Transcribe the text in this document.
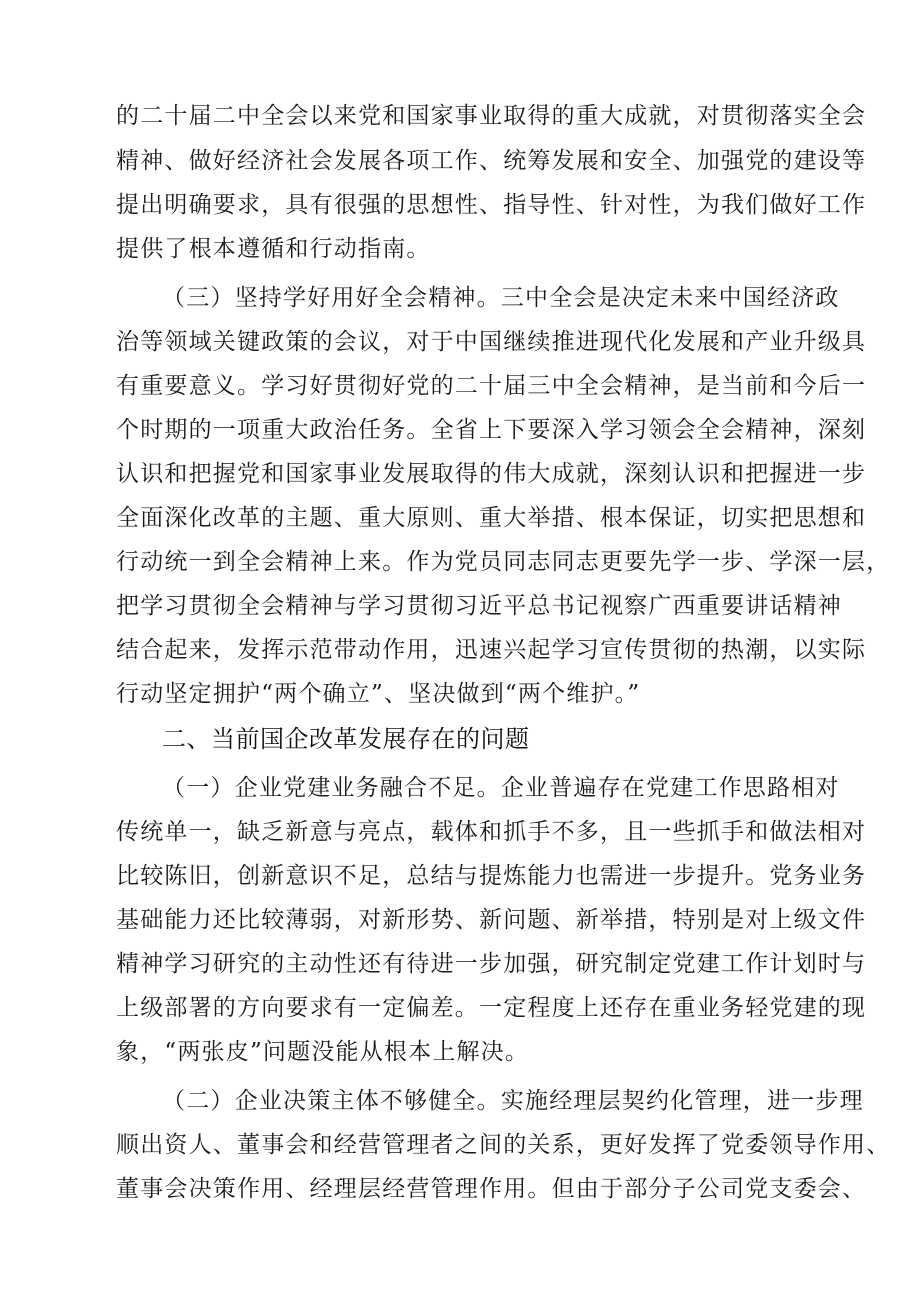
的二十届二中全会以来党和国家事业取得的重大成就，对贯彻落实全会
精神、做好经济社会发展各项工作、统筹发展和安全、加强党的建设等
提出明确要求，具有很强的思想性、指导性、针对性，为我们做好工作
提供了根本遵循和行动指南。
（三）坚持学好用好全会精神。三中全会是决定未来中国经济政
治等领域关键政策的会议，对于中国继续推进现代化发展和产业升级具
有重要意义。学习好贯彻好党的二十届三中全会精神，是当前和今后一
个时期的一项重大政治任务。全省上下要深入学习领会全会精神，深刻
认识和把握党和国家事业发展取得的伟大成就，深刻认识和把握进一步
全面深化改革的主题、重大原则、重大举措、根本保证，切实把思想和
行动统一到全会精神上来。作为党员同志同志更要先学一步、学深一层，
把学习贯彻全会精神与学习贯彻习近平总书记视察广西重要讲话精神
结合起来，发挥示范带动作用，迅速兴起学习宣传贯彻的热潮，以实际
行动坚定拥护“两个确立”、坚决做到“两个维护。”
二、当前国企改革发展存在的问题
（一）企业党建业务融合不足。企业普遍存在党建工作思路相对
传统单一，缺乏新意与亮点，载体和抓手不多，且一些抓手和做法相对
比较陈旧，创新意识不足，总结与提炼能力也需进一步提升。党务业务
基础能力还比较薄弱，对新形势、新问题、新举措，特别是对上级文件
精神学习研究的主动性还有待进一步加强，研究制定党建工作计划时与
上级部署的方向要求有一定偏差。一定程度上还存在重业务轻党建的现
象，“两张皮”问题没能从根本上解决。
（二）企业决策主体不够健全。实施经理层契约化管理，进一步理
顺出资人、董事会和经营管理者之间的关系，更好发挥了党委领导作用、
董事会决策作用、经理层经营管理作用。但由于部分子公司党支委会、
